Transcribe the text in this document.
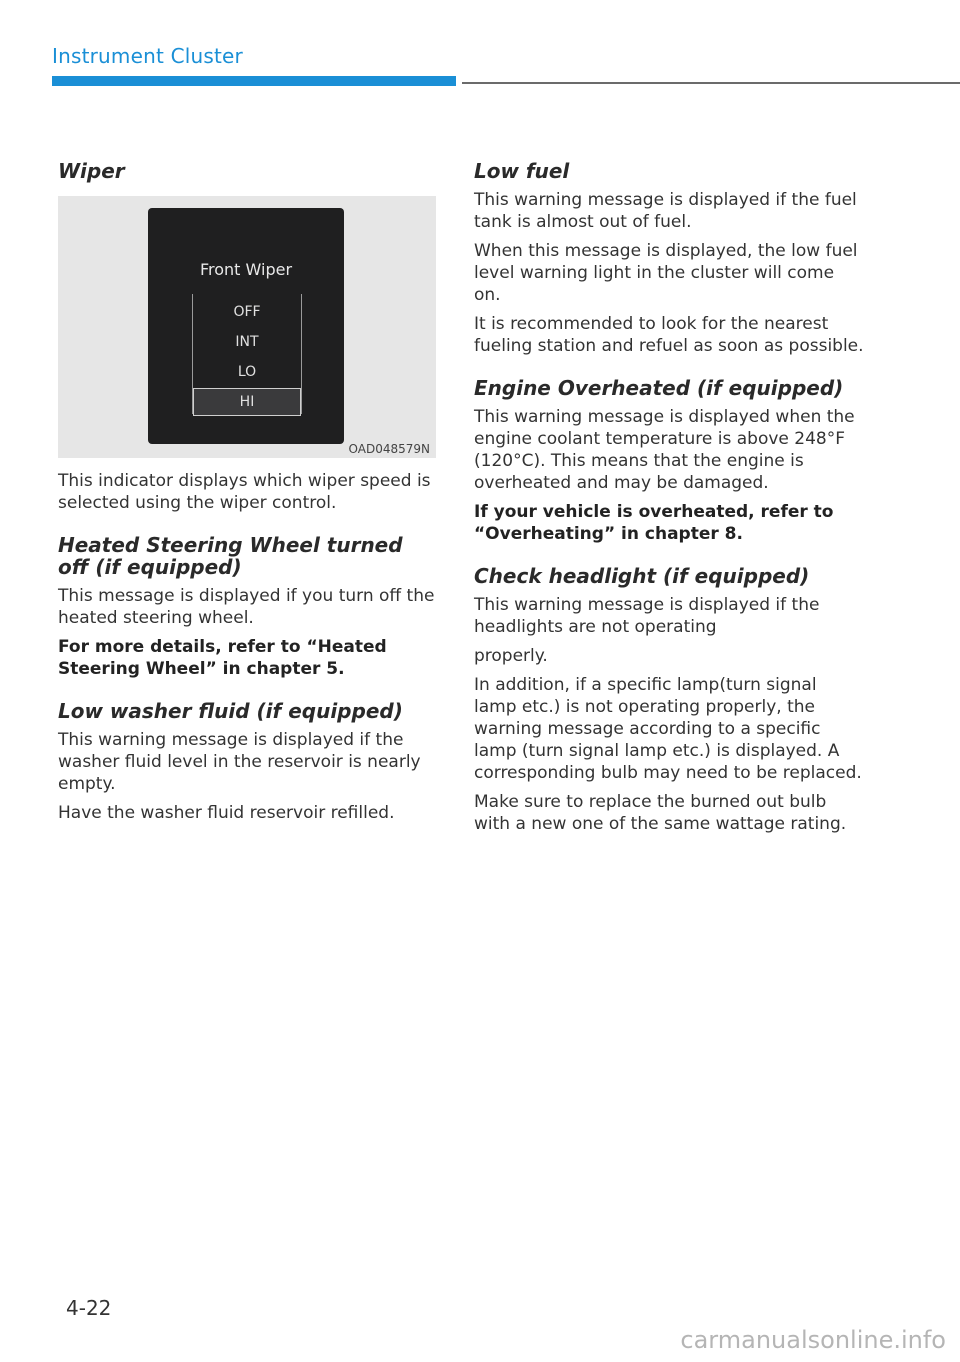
Instrument Cluster
Wiper
Front Wiper
OFF
INT
LO
HI
OAD048579N

This indicator displays which wiper speed is selected using the wiper control.

Heated Steering Wheel turned off (if equipped)

This message is displayed if you turn off the heated steering wheel.

For more details, refer to “Heated Steering Wheel” in chapter 5.

Low washer fluid (if equipped)

This warning message is displayed if the washer fluid level in the reservoir is nearly empty.

Have the washer fluid reservoir refilled.

Low fuel

This warning message is displayed if the fuel tank is almost out of fuel.

When this message is displayed, the low fuel level warning light in the cluster will come on.

It is recommended to look for the nearest fueling station and refuel as soon as possible.

Engine Overheated (if equipped)

This warning message is displayed when the engine coolant temperature is above 248°F (120°C). This means that the engine is overheated and may be damaged.

If your vehicle is overheated, refer to “Overheating” in chapter 8.

Check headlight (if equipped)

This warning message is displayed if the headlights are not operating

properly.

In addition, if a specific lamp(turn signal lamp etc.) is not operating properly, the warning message according to a specific lamp (turn signal lamp etc.) is displayed. A corresponding bulb may need to be replaced.

Make sure to replace the burned out bulb with a new one of the same wattage rating.

4-22
carmanualsonline.info
